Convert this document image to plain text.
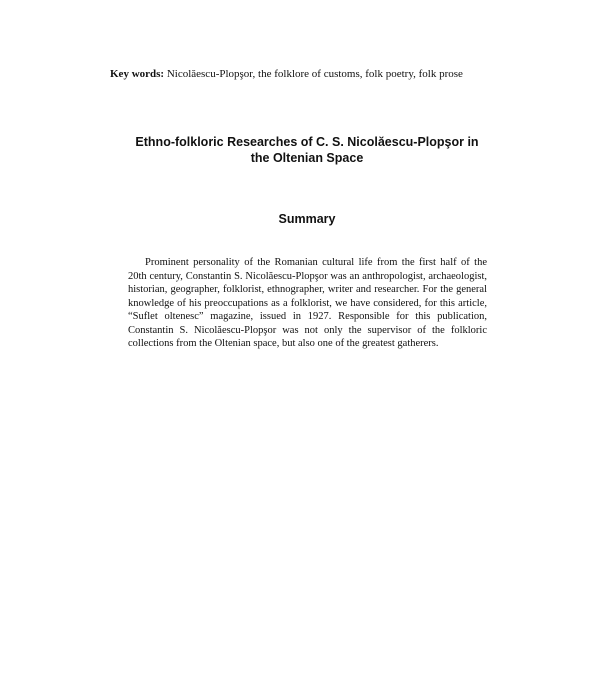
Key words: Nicolăescu-Plopşor, the folklore of customs, folk poetry, folk prose
Ethno-folkloric Researches of C. S. Nicolăescu-Plopşor in
the Oltenian Space
Summary

Prominent personality of the Romanian cultural life from the first half of the 20th century, Constantin S. Nicolăescu-Plopşor was an anthropologist, archaeologist, historian, geographer, folklorist, ethnographer, writer and researcher. For the general knowledge of his preoccupations as a folklorist, we have considered, for this article, “Suflet oltenesc” magazine, issued in 1927. Responsible for this publication, Constantin S. Nicolăescu-Plopşor was not only the supervisor of the folkloric collections from the Oltenian space, but also one of the greatest gatherers.
